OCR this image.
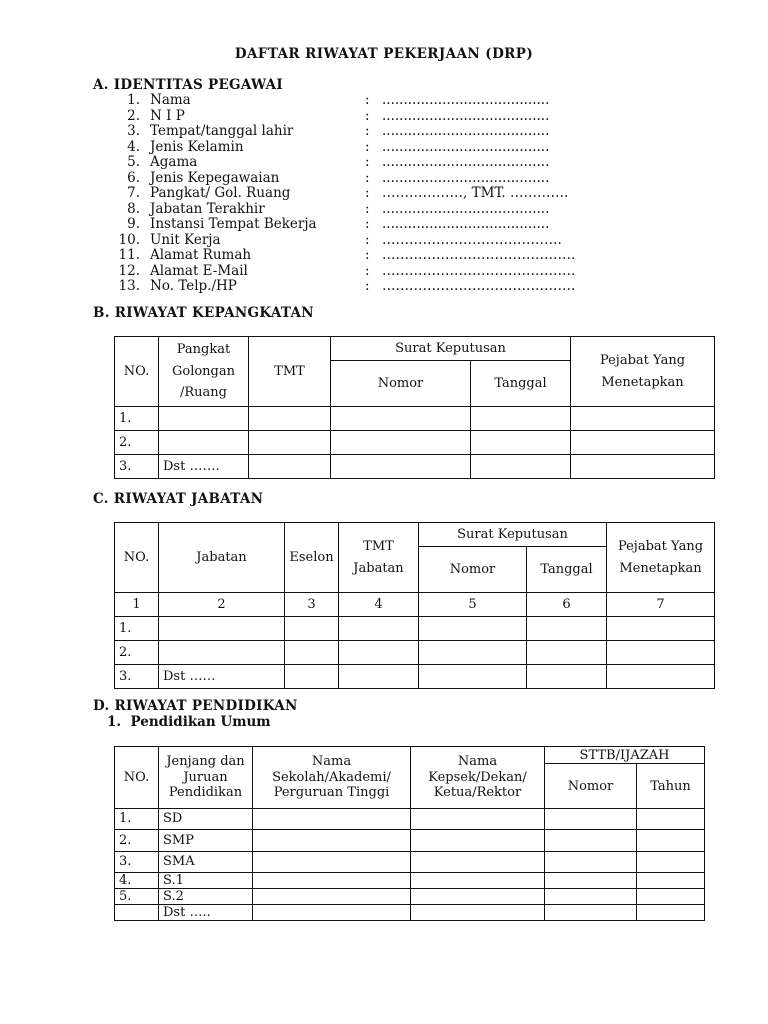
DAFTAR RIWAYAT PEKERJAAN (DRP)
A. IDENTITAS PEGAWAI
1. Nama	: .......................................
2. N I P	: .......................................
3. Tempat/tanggal lahir	: .......................................
4. Jenis Kelamin	: .......................................
5. Agama	: .......................................
6. Jenis Kepegawaian	: .......................................
7. Pangkat/ Gol. Ruang	: ………………, TMT. ………….
8. Jabatan Terakhir	: .......................................
9. Instansi Tempat Bekerja	: .......................................
10. Unit Kerja	: ………………………………….
11. Alamat Rumah	: …………………………………….
12. Alamat E-Mail	: …………………………………….
13. No. Telp./HP	: …………………………………….
B. RIWAYAT KEPANGKATAN
NO.	Pangkat Golongan /Ruang	TMT	Surat Keputusan		Pejabat Yang Menetapkan
			Nomor	Tanggal	
1.					
2.					
3.	Dst …….				
C. RIWAYAT JABATAN
NO.	Jabatan	Eselon	TMT Jabatan	Surat Keputusan		Pejabat Yang Menetapkan
				Nomor	Tanggal	
1	2	3	4	5	6	7
1.						
2.						
3.	Dst ……					
D. RIWAYAT PENDIDIKAN
1.  Pendidikan Umum
NO.	Jenjang dan Juruan Pendidikan	Nama Sekolah/Akademi/ Perguruan Tinggi	Nama Kepsek/Dekan/ Ketua/Rektor	STTB/IJAZAH	
				Nomor	Tahun
1.	SD				
2.	SMP				
3.	SMA				
4.	S.1				
5.	S.2				
	Dst …..				
